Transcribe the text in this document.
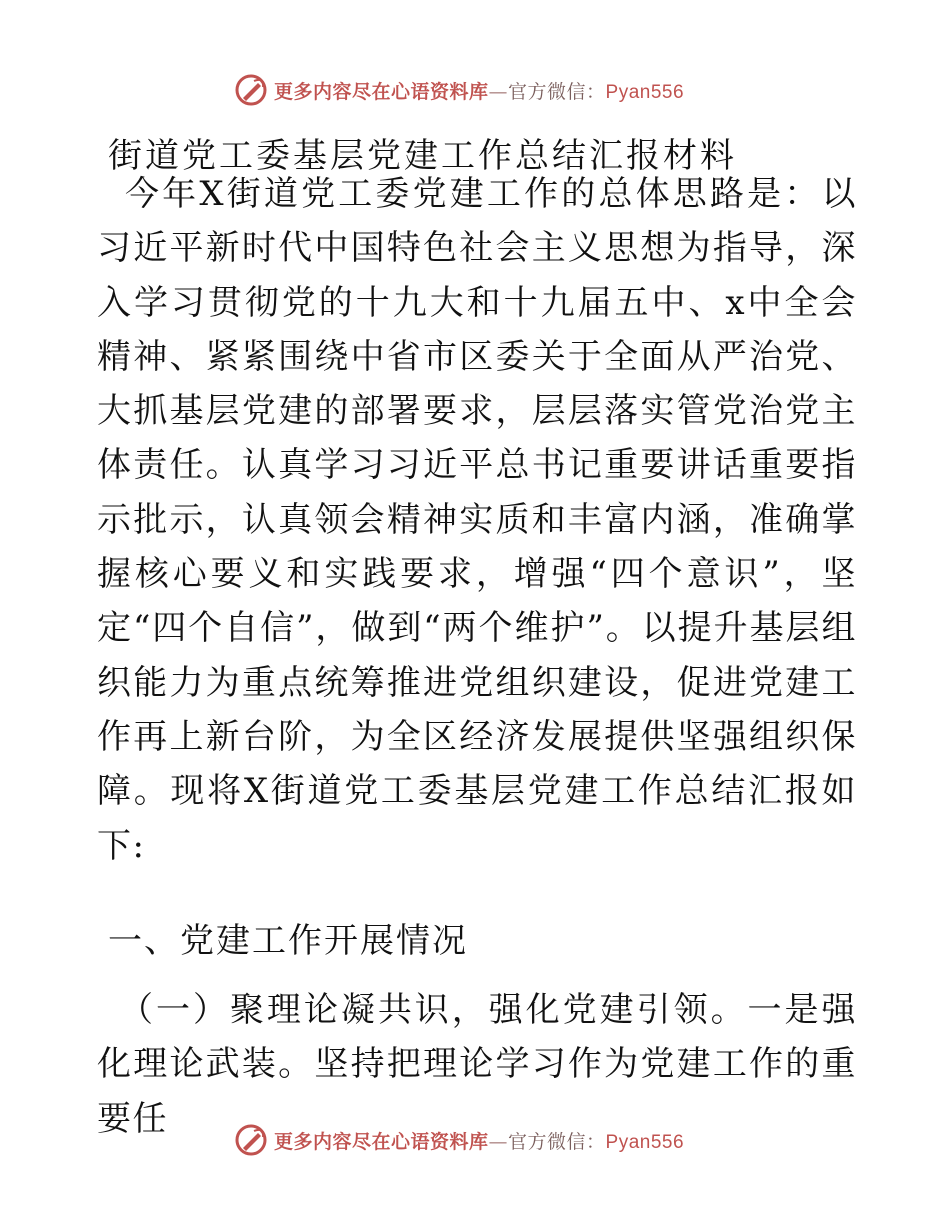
更多内容尽在心语资料库—官方微信：Pyan556
街道党工委基层党建工作总结汇报材料
今年X街道党工委党建工作的总体思路是：以习近平新时代中国特色社会主义思想为指导，深入学习贯彻党的十九大和十九届五中、x中全会精神、紧紧围绕中省市区委关于全面从严治党、大抓基层党建的部署要求，层层落实管党治党主体责任。认真学习习近平总书记重要讲话重要指示批示，认真领会精神实质和丰富内涵，准确掌握核心要义和实践要求，增强“四个意识”，坚定“四个自信”，做到“两个维护”。以提升基层组织能力为重点统筹推进党组织建设，促进党建工作再上新台阶，为全区经济发展提供坚强组织保障。现将X街道党工委基层党建工作总结汇报如下:
一、党建工作开展情况
（一）聚理论凝共识，强化党建引领。一是强化理论武装。坚持把理论学习作为党建工作的重要任
更多内容尽在心语资料库—官方微信：Pyan556
